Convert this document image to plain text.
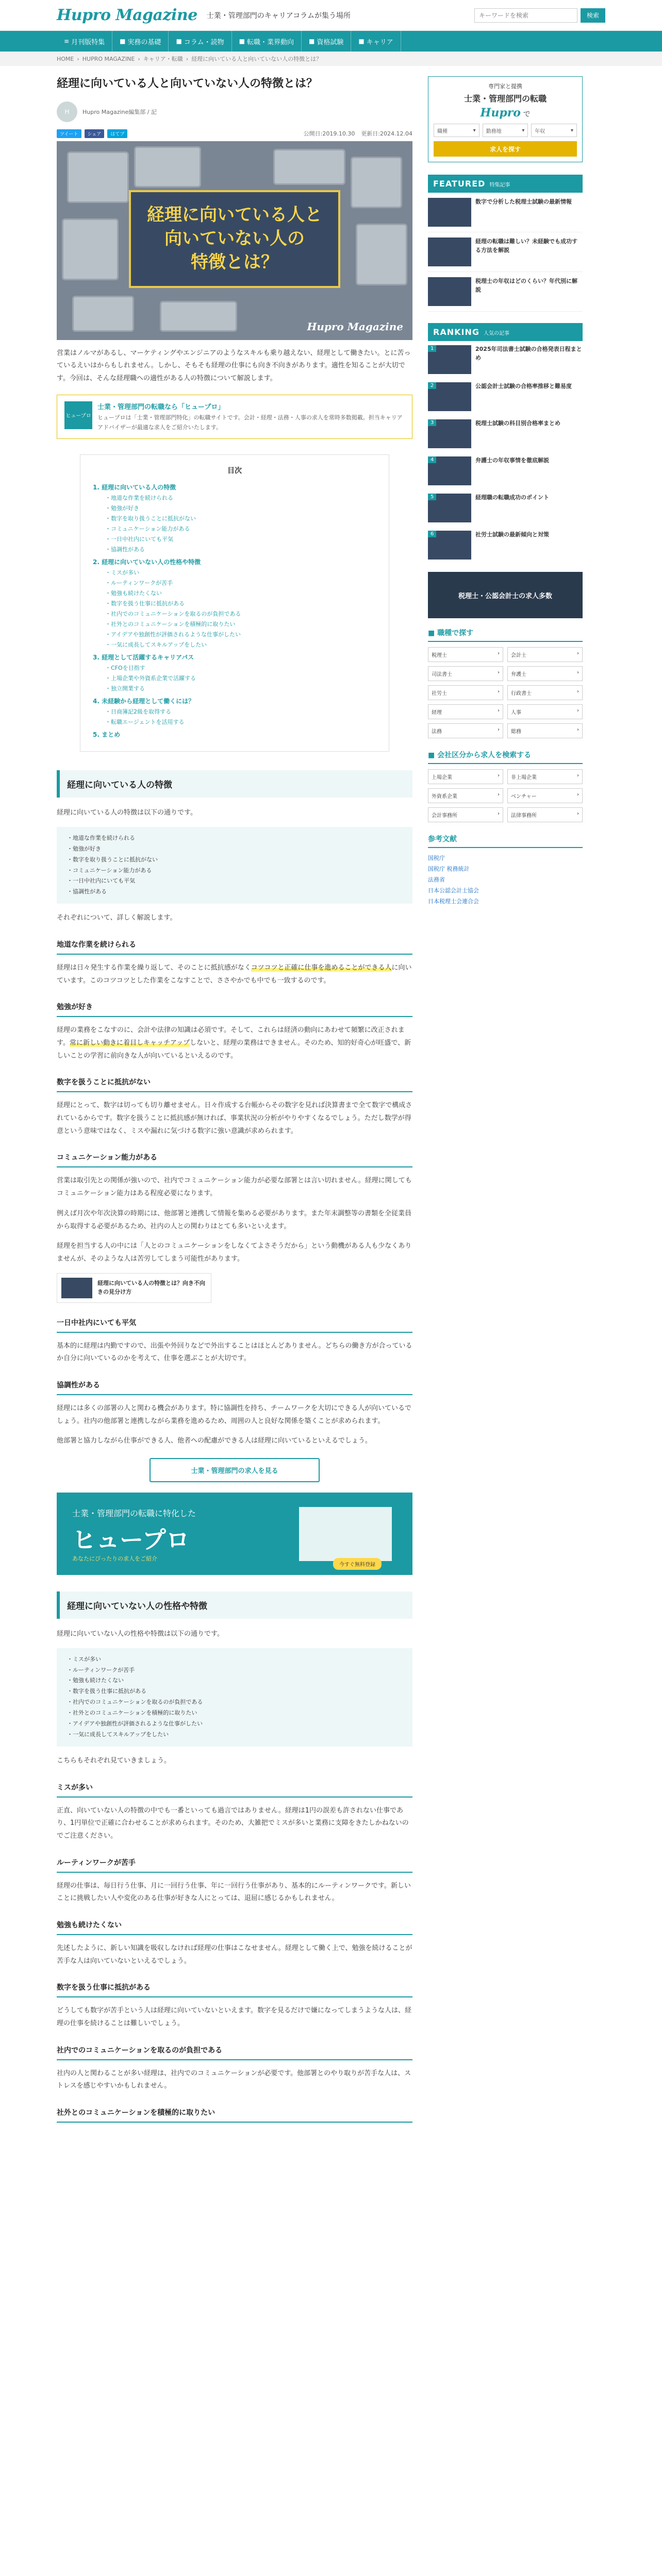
Hupro Magazine 士業・管理部門のキャリアコラムが集う場所
キーワードを検索	検索
≡ 月刊版特集 ■ 実務の基礎 ■ コラム・読物 ■ 転職・業界動向 ■ 資格試験 ■ キャリア
HOME › HUPRO MAGAZINE › キャリア・転職 › 経理に向いている人と向いていない人の特徴とは？
経理に向いている人と向いていない人の特徴とは？
H	Hupro Magazine編集部 / 記
ツイート	シェア	はてブ	公開日:2019.10.30 更新日:2024.12.04
経理に向いている人と
向いていない人の
特徴とは？
Hupro Magazine

営業はノルマがあるし、マーケティングやエンジニアのようなスキルも乗り越えない、経理として働きたい。とに苦っているえいはからもしれません。しかし、そもそも経理の仕事にも向き不向きがあります。適性を知ることが大切です。今回は、そんな経理職への適性がある人の特徴について解説します。

ヒュープロ
士業・管理部門の転職なら「ヒュープロ」
ヒュープロは「士業・管理部門特化」の転職サイトです。会計・経理・法務・人事の求人を常時多数掲載。担当キャリアアドバイザーが最適な求人をご紹介いたします。
目次
1. 経理に向いている人の特徴
・地道な作業を続けられる
・勉強が好き
・数字を取り扱うことに抵抗がない
・コミュニケーション能力がある
・一日中社内にいても平気
・協調性がある
2. 経理に向いていない人の性格や特徴
・ミスが多い
・ルーティンワークが苦手
・勉強も続けたくない
・数字を扱う仕事に抵抗がある
・社内でのコミュニケーションを取るのが負担である
・社外とのコミュニケーションを積極的に取りたい
・アイデアや独創性が評価されるような仕事がしたい
・一気に成長してスキルアップをしたい
3. 経理として活躍するキャリアパス
・CFOを目指す
・上場企業や外資系企業で活躍する
・独立開業する
4. 未経験から経理として働くには？
・日商簿記2級を取得する
・転職エージェントを活用する
5. まとめ
経理に向いている人の特徴

経理に向いている人の特徴は以下の通りです。

・地道な作業を続けられる
・勉強が好き
・数字を取り扱うことに抵抗がない
・コミュニケーション能力がある
・一日中社内にいても平気
・協調性がある

それぞれについて、詳しく解説します。

地道な作業を続けられる

経理は日々発生する作業を繰り返して、そのことに抵抗感がなくコツコツと正確に仕事を進めることができる人に向いています。このコツコツとした作業をこなすことで、ささやかでも中でも一致するのです。

勉強が好き

経理の業務をこなすのに、会計や法律の知識は必須です。そして、これらは経済の動向にあわせて頻繁に改正されます。常に新しい動きに着目しキャッチアップしないと、経理の業務はできません。そのため、知的好奇心が旺盛で、新しいことの学習に前向きな人が向いているといえるのです。

数字を扱うことに抵抗がない

経理にとって、数字は切っても切り離せません。日々作成する台帳からその数字を見れば決算書まで全て数字で構成されているからです。数字を扱うことに抵抗感が無ければ、事業状況の分析がやりやすくなるでしょう。ただし数学が得意という意味ではなく、ミスや漏れに気づける数字に強い意識が求められます。

コミュニケーション能力がある

営業は取引先との関係が強いので、社内でコミュニケーション能力が必要な部署とは言い切れません。経理に関してもコミュニケーション能力はある程度必要になります。

例えば月次や年次決算の時期には、他部署と連携して情報を集める必要があります。また年末調整等の書類を全従業員から取得する必要があるため、社内の人との関わりはとても多いといえます。

経理を担当する人の中には「人とのコミュニケーションをしなくてよさそうだから」という動機がある人も少なくありませんが、そのような人は苦労してしまう可能性があります。

経理に向いている人の特徴とは？向き不向きの見分け方
一日中社内にいても平気

基本的に経理は内勤ですので、出張や外回りなどで外出することはほとんどありません。どちらの働き方が合っているか自分に向いているのかを考えて、仕事を選ぶことが大切です。

協調性がある

経理には多くの部署の人と関わる機会があります。特に協調性を持ち、チームワークを大切にできる人が向いているでしょう。社内の他部署と連携しながら業務を進めるため、周囲の人と良好な関係を築くことが求められます。

他部署と協力しながら仕事ができる人、他者への配慮ができる人は経理に向いているといえるでしょう。

士業・管理部門の求人を見る
士業・管理部門の転職に特化した
ヒュープロ
あなたにぴったりの求人をご紹介
今すぐ無料登録
経理に向いていない人の性格や特徴

経理に向いていない人の性格や特徴は以下の通りです。

・ミスが多い
・ルーティンワークが苦手
・勉強も続けたくない
・数字を扱う仕事に抵抗がある
・社内でのコミュニケーションを取るのが負担である
・社外とのコミュニケーションを積極的に取りたい
・アイデアや独創性が評価されるような仕事がしたい
・一気に成長してスキルアップをしたい

こちらもそれぞれ見ていきましょう。

ミスが多い

正直、向いていない人の特徴の中でも一番といっても過言ではありません。経理は1円の誤差も許されない仕事であり、1円単位で正確に合わせることが求められます。そのため、大雑把でミスが多いと業務に支障をきたしかねないのでご注意ください。

ルーティンワークが苦手

経理の仕事は、毎日行う仕事、月に一回行う仕事、年に一回行う仕事があり、基本的にルーティンワークです。新しいことに挑戦したい人や変化のある仕事が好きな人にとっては、退屈に感じるかもしれません。

勉強も続けたくない

先述したように、新しい知識を吸収しなければ経理の仕事はこなせません。経理として働く上で、勉強を続けることが苦手な人は向いていないといえるでしょう。

数字を扱う仕事に抵抗がある

どうしても数字が苦手という人は経理に向いていないといえます。数字を見るだけで嫌になってしまうような人は、経理の仕事を続けることは難しいでしょう。

社内でのコミュニケーションを取るのが負担である

社内の人と関わることが多い経理は、社内でのコミュニケーションが必要です。他部署とのやり取りが苦手な人は、ストレスを感じやすいかもしれません。

社外とのコミュニケーションを積極的に取りたい
専門家と提携
士業・管理部門の転職
Hupro で
職種	▾ 勤務地	▾ 年収	▾
求人を探す
FEATURED 特集記事
数字で分析した税理士試験の最新情報
経理の転職は難しい？未経験でも成功する方法を解説
税理士の年収はどのくらい？年代別に解説
RANKING 人気の記事
1	2025年司法書士試験の合格発表日程まとめ
2	公認会計士試験の合格率推移と難易度
3	税理士試験の科目別合格率まとめ
4	弁護士の年収事情を徹底解説
5	経理職の転職成功のポイント
6	社労士試験の最新傾向と対策
税理士・公認会計士の求人多数
■ 職種で探す
税理士	› 会計士	›
司法書士	› 弁護士	›
社労士	› 行政書士	›
経理	› 人事	›
法務	› 総務	›
■ 会社区分から求人を検索する
上場企業	› 非上場企業	›
外資系企業	› ベンチャー	›
会計事務所	› 法律事務所	›
参考文献
国税庁
国税庁 税務統計
法務省
日本公認会計士協会
日本税理士会連合会
